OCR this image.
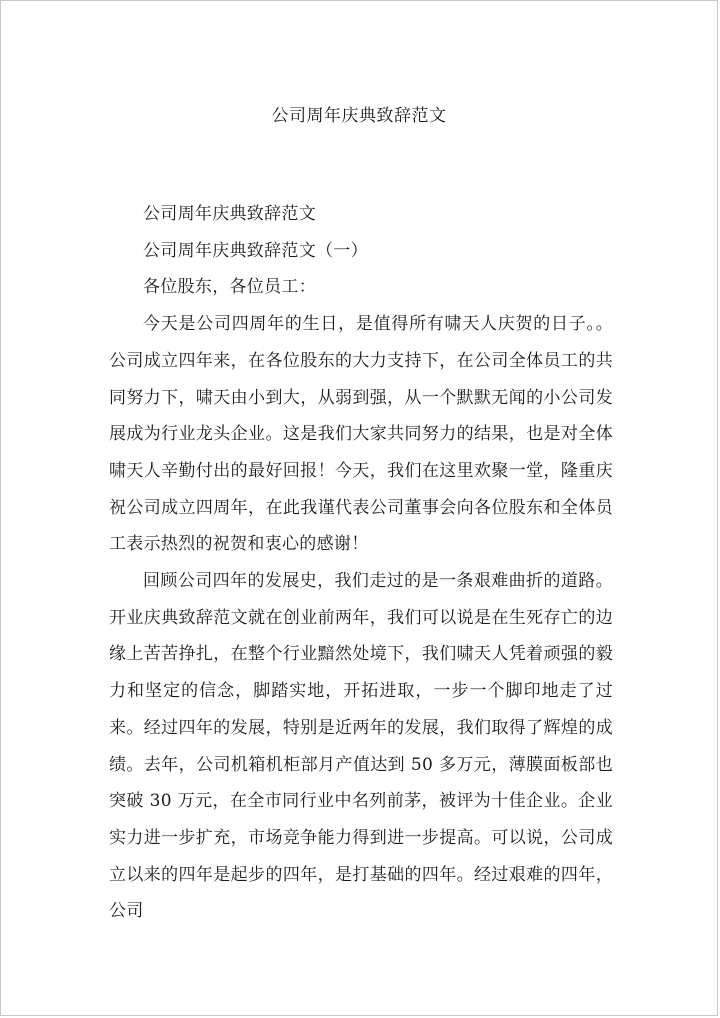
公司周年庆典致辞范文

公司周年庆典致辞范文

公司周年庆典致辞范文（一）

各位股东，各位员工：

今天是公司四周年的生日，是值得所有啸天人庆贺的日子。。公司成立四年来，在各位股东的大力支持下，在公司全体员工的共同努力下，啸天由小到大，从弱到强，从一个默默无闻的小公司发展成为行业龙头企业。这是我们大家共同努力的结果，也是对全体啸天人辛勤付出的最好回报！今天，我们在这里欢聚一堂，隆重庆祝公司成立四周年，在此我谨代表公司董事会向各位股东和全体员工表示热烈的祝贺和衷心的感谢！

回顾公司四年的发展史，我们走过的是一条艰难曲折的道路。开业庆典致辞范文就在创业前两年，我们可以说是在生死存亡的边缘上苦苦挣扎，在整个行业黯然处境下，我们啸天人凭着顽强的毅力和坚定的信念，脚踏实地，开拓进取，一步一个脚印地走了过来。经过四年的发展，特别是近两年的发展，我们取得了辉煌的成绩。去年，公司机箱机柜部月产值达到 50 多万元，薄膜面板部也突破 30 万元，在全市同行业中名列前茅，被评为十佳企业。企业实力进一步扩充，市场竞争能力得到进一步提高。可以说，公司成立以来的四年是起步的四年，是打基础的四年。经过艰难的四年，公司
